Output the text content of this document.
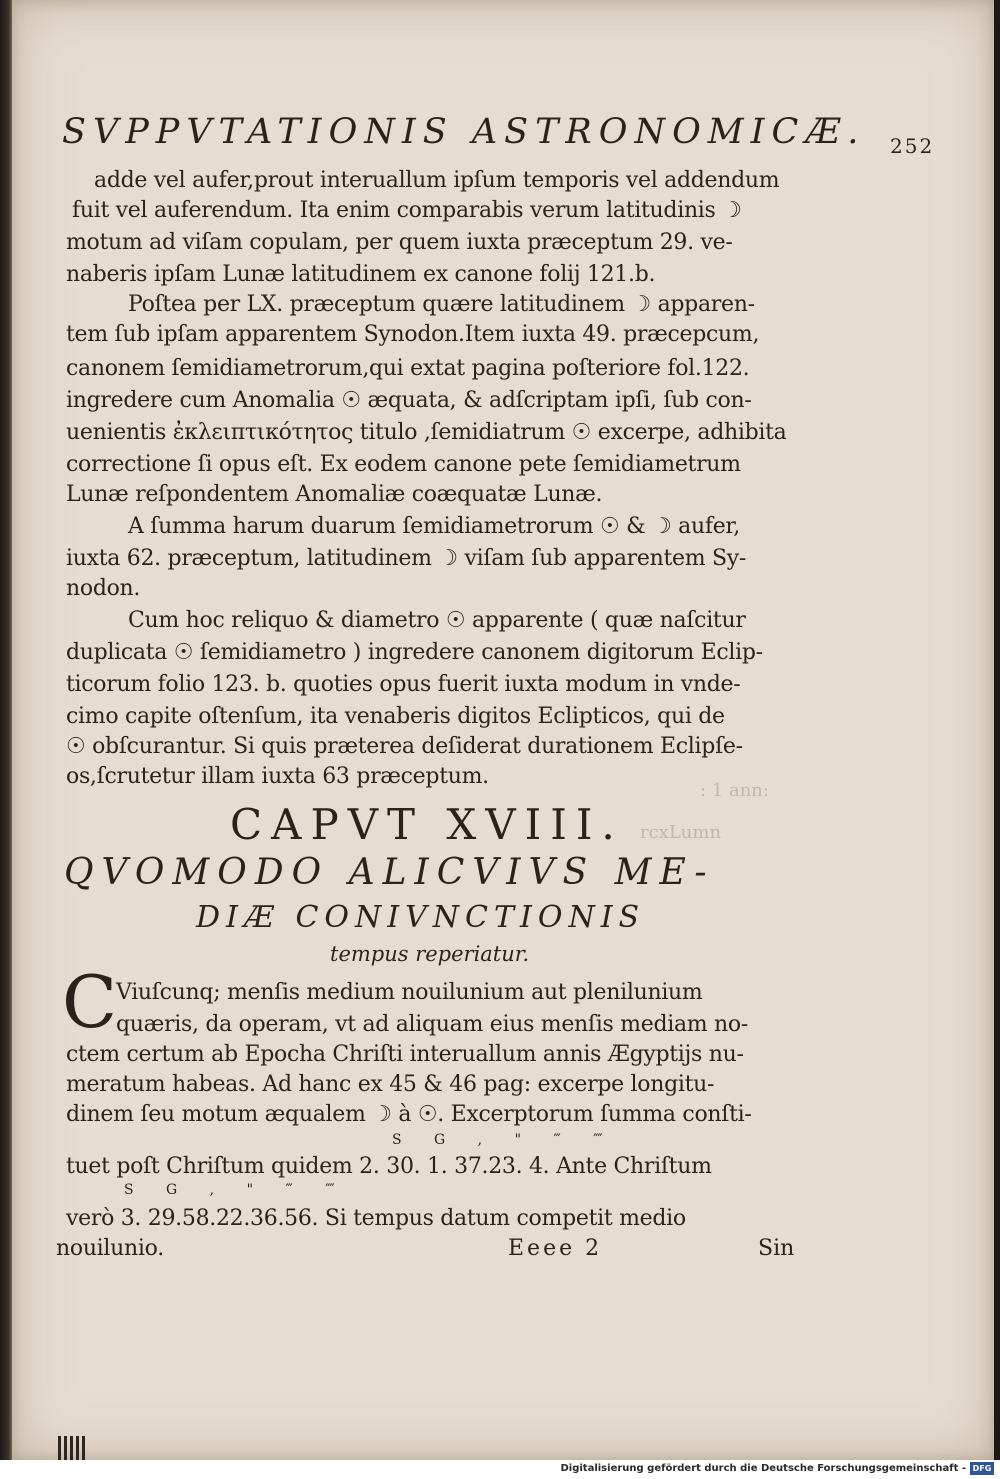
: 1 ann:
rcxLumn
SVPPVTATIONIS ASTRONOMICÆ.	252
adde vel aufer,prout interuallum ipſum temporis vel addendum
fuit vel auferendum. Ita enim comparabis verum latitudinis ☽
motum ad viſam copulam, per quem iuxta præceptum 29. ve-
naberis ipſam Lunæ latitudinem ex canone folij 121.b.
Poſtea per LX. præceptum quære latitudinem ☽ apparen-
tem ſub ipſam apparentem Synodon.Item iuxta 49. præcepcum,
canonem ſemidiametrorum,qui extat pagina poſteriore fol.122.
ingredere cum Anomalia ☉ æquata, & adſcriptam ipſi, ſub con-
uenientis ἐκλειπτικότητος titulo ,ſemidiatrum ☉ excerpe, adhibita
correctione ſi opus eſt. Ex eodem canone pete ſemidiametrum
Lunæ reſpondentem Anomaliæ coæquatæ Lunæ.
A ſumma harum duarum ſemidiametrorum ☉ & ☽ aufer,
iuxta 62. præceptum, latitudinem ☽ viſam ſub apparentem Sy-
nodon.
Cum hoc reliquo & diametro ☉ apparente ( quæ naſcitur
duplicata ☉ ſemidiametro ) ingredere canonem digitorum Eclip-
ticorum folio 123. b. quoties opus fuerit iuxta modum in vnde-
cimo capite oſtenſum, ita venaberis digitos Eclipticos, qui de
☉ obſcurantur. Si quis præterea deſiderat durationem Eclipſe-
os,ſcrutetur illam iuxta 63 præceptum.
CAPVT XVIII.
QVOMODO ALICVIVS ME-
DIÆ CONIVNCTIONIS
tempus reperiatur.
C
Viuſcunq; menſis medium nouilunium aut plenilunium
quæris, da operam, vt ad aliquam eius menſis mediam no-
ctem certum ab Epocha Chriſti interuallum annis Ægyptijs nu-
meratum habeas. Ad hanc ex 45 & 46 pag: excerpe longitu-
dinem ſeu motum æqualem ☽ à ☉. Excerptorum ſumma conſti-
S G , " ‴ ⁗
tuet poſt Chriſtum quidem 2. 30. 1. 37.23. 4. Ante Chriſtum
S G , " ‴ ⁗
verò 3. 29.58.22.36.56. Si tempus datum competit medio
nouilunio.	Eeee 2	Sin
Digitalisierung gefördert durch die Deutsche Forschungsgemeinschaft - DFG
